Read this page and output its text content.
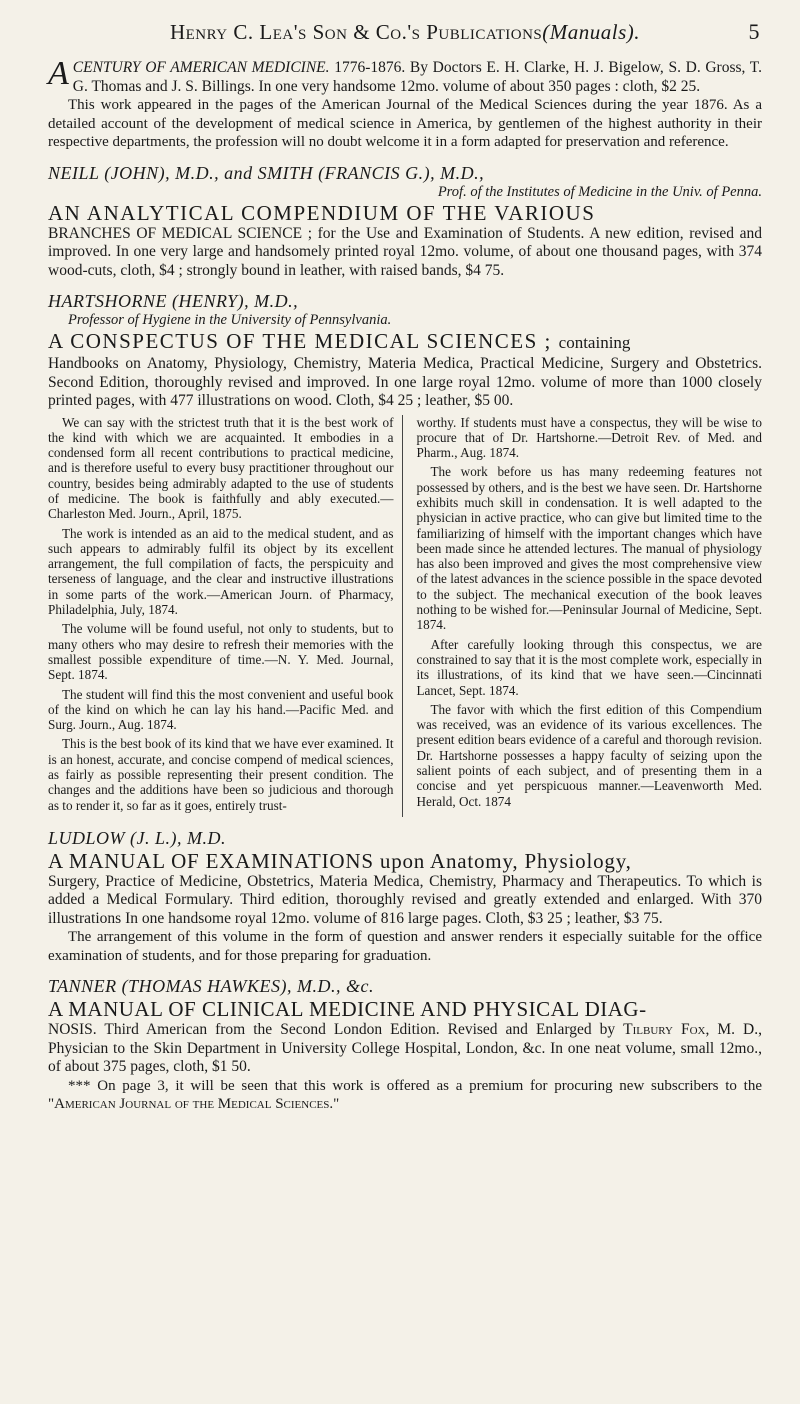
Henry C. Lea's Son & Co.'s Publications(Manuals).	5

A CENTURY OF AMERICAN MEDICINE. 1776-1876. By Doctors E. H. Clarke, H. J. Bigelow, S. D. Gross, T. G. Thomas and J. S. Billings. In one very handsome 12mo. volume of about 350 pages : cloth, $2 25.

This work appeared in the pages of the American Journal of the Medical Sciences during the year 1876. As a detailed account of the development of medical science in America, by gentlemen of the highest authority in their respective departments, the profession will no doubt welcome it in a form adapted for preservation and reference.

NEILL (JOHN), M.D., and SMITH (FRANCIS G.), M.D.,

Prof. of the Institutes of Medicine in the Univ. of Penna.

AN ANALYTICAL COMPENDIUM OF THE VARIOUS

BRANCHES OF MEDICAL SCIENCE ; for the Use and Examination of Students. A new edition, revised and improved. In one very large and handsomely printed royal 12mo. volume, of about one thousand pages, with 374 wood-cuts, cloth, $4 ; strongly bound in leather, with raised bands, $4 75.

HARTSHORNE (HENRY), M.D.,

Professor of Hygiene in the University of Pennsylvania.

A CONSPECTUS OF THE MEDICAL SCIENCES ; containing

Handbooks on Anatomy, Physiology, Chemistry, Materia Medica, Practical Medicine, Surgery and Obstetrics. Second Edition, thoroughly revised and improved. In one large royal 12mo. volume of more than 1000 closely printed pages, with 477 illustrations on wood. Cloth, $4 25 ; leather, $5 00.

We can say with the strictest truth that it is the best work of the kind with which we are acquainted. It embodies in a condensed form all recent contributions to practical medicine, and is therefore useful to every busy practitioner throughout our country, besides being admirably adapted to the use of students of medicine. The book is faithfully and ably executed.—Charleston Med. Journ., April, 1875.

The work is intended as an aid to the medical student, and as such appears to admirably fulfil its object by its excellent arrangement, the full compilation of facts, the perspicuity and terseness of language, and the clear and instructive illustrations in some parts of the work.—American Journ. of Pharmacy, Philadelphia, July, 1874.

The volume will be found useful, not only to students, but to many others who may desire to refresh their memories with the smallest possible expenditure of time.—N. Y. Med. Journal, Sept. 1874.

The student will find this the most convenient and useful book of the kind on which he can lay his hand.—Pacific Med. and Surg. Journ., Aug. 1874.

This is the best book of its kind that we have ever examined. It is an honest, accurate, and concise compend of medical sciences, as fairly as possible representing their present condition. The changes and the additions have been so judicious and thorough as to render it, so far as it goes, entirely trust-

worthy. If students must have a conspectus, they will be wise to procure that of Dr. Hartshorne.—Detroit Rev. of Med. and Pharm., Aug. 1874.

The work before us has many redeeming features not possessed by others, and is the best we have seen. Dr. Hartshorne exhibits much skill in condensation. It is well adapted to the physician in active practice, who can give but limited time to the familiarizing of himself with the important changes which have been made since he attended lectures. The manual of physiology has also been improved and gives the most comprehensive view of the latest advances in the science possible in the space devoted to the subject. The mechanical execution of the book leaves nothing to be wished for.—Peninsular Journal of Medicine, Sept. 1874.

After carefully looking through this conspectus, we are constrained to say that it is the most complete work, especially in its illustrations, of its kind that we have seen.—Cincinnati Lancet, Sept. 1874.

The favor with which the first edition of this Compendium was received, was an evidence of its various excellences. The present edition bears evidence of a careful and thorough revision. Dr. Hartshorne possesses a happy faculty of seizing upon the salient points of each subject, and of presenting them in a concise and yet perspicuous manner.—Leavenworth Med. Herald, Oct. 1874

LUDLOW (J. L.), M.D.

A MANUAL OF EXAMINATIONS upon Anatomy, Physiology,

Surgery, Practice of Medicine, Obstetrics, Materia Medica, Chemistry, Pharmacy and Therapeutics. To which is added a Medical Formulary. Third edition, thoroughly revised and greatly extended and enlarged. With 370 illustrations In one handsome royal 12mo. volume of 816 large pages. Cloth, $3 25 ; leather, $3 75.

The arrangement of this volume in the form of question and answer renders it especially suitable for the office examination of students, and for those preparing for graduation.

TANNER (THOMAS HAWKES), M.D., &c.

A MANUAL OF CLINICAL MEDICINE AND PHYSICAL DIAG-

NOSIS. Third American from the Second London Edition. Revised and Enlarged by Tilbury Fox, M. D., Physician to the Skin Department in University College Hospital, London, &c. In one neat volume, small 12mo., of about 375 pages, cloth, $1 50.

*** On page 3, it will be seen that this work is offered as a premium for procuring new subscribers to the "American Journal of the Medical Sciences."
